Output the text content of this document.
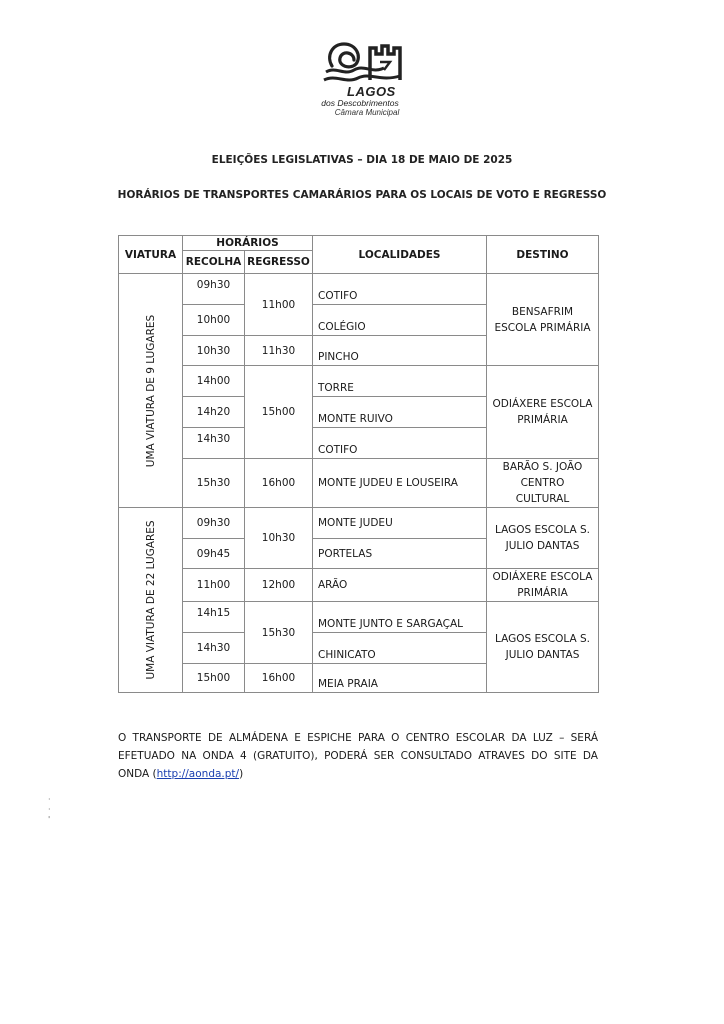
LAGOS
dos Descobrimentos
Câmara Municipal
ELEIÇÕES LEGISLATIVAS – DIA 18 DE MAIO DE 2025
HORÁRIOS DE TRANSPORTES CAMARÁRIOS PARA OS LOCAIS DE VOTO E REGRESSO
VIATURA	HORÁRIOS		LOCALIDADES	DESTINO
	RECOLHA	REGRESSO		

UMA VIATURA DE 9 LUGARES	09h30	11h00	COTIFO	BENSAFRIM
ESCOLA PRIMÁRIA

	10h00		COLÉGIO	
	10h30	11h30	PINCHO	
	14h00	15h00	TORRE	ODIÁXERE ESCOLA
PRIMÁRIA

	14h20		MONTE RUIVO	
	14h30		COTIFO	
	15h30	16h00	MONTE JUDEU E LOUSEIRA	BARÃO S. JOÃO
CENTRO
CULTURAL

UMA VIATURA DE 22 LUGARES	09h30	10h30	MONTE JUDEU	LAGOS ESCOLA S.
JULIO DANTAS

	09h45		PORTELAS	
	11h00	12h00	ARÃO	ODIÁXERE ESCOLA
PRIMÁRIA

	14h15	15h30	MONTE JUNTO E SARGAÇAL	LAGOS ESCOLA S.
JULIO DANTAS

	14h30		CHINICATO	
	15h00	16h00	MEIA PRAIA	
O TRANSPORTE DE ALMÁDENA E ESPICHE PARA O CENTRO ESCOLAR DA LUZ – SERÁ EFETUADO NA ONDA 4 (GRATUITO), PODERÁ SER CONSULTADO ATRAVES DO SITE DA ONDA (http://aonda.pt/)
·
·
'
